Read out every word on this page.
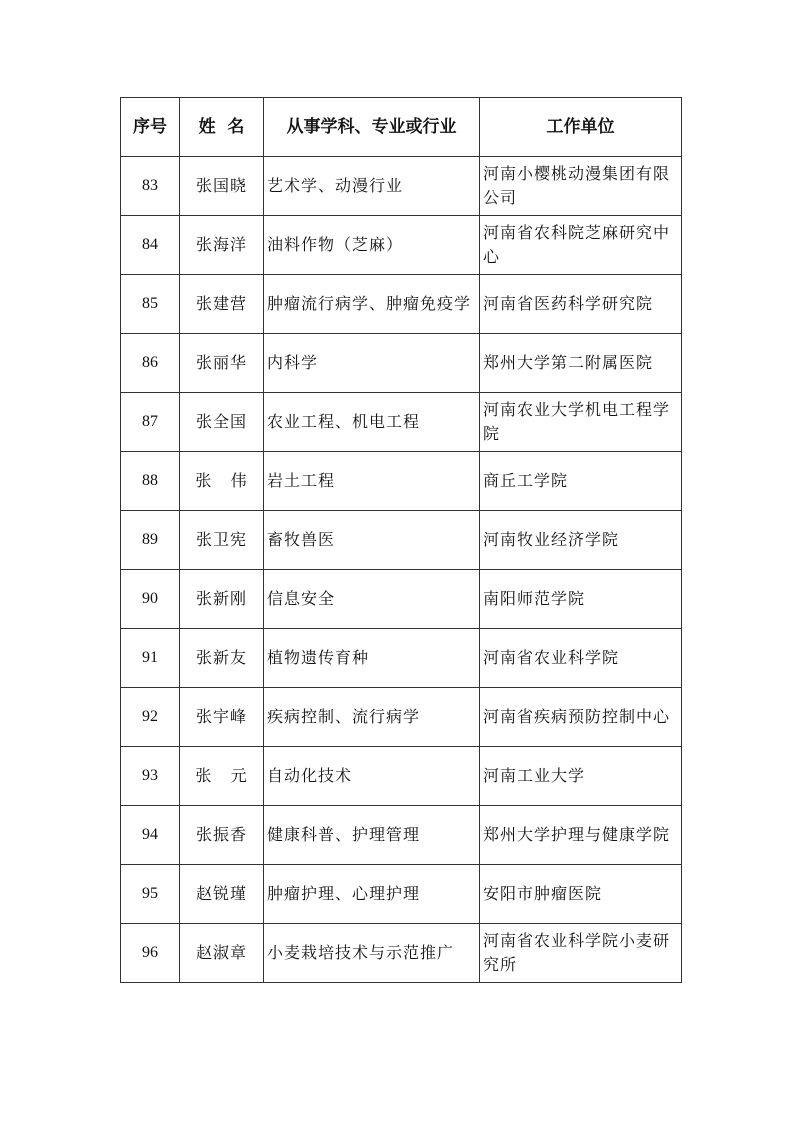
序号	姓  名	从事学科、专业或行业	工作单位
83	张国晓	艺术学、动漫行业	河南小樱桃动漫集团有限公司
84	张海洋	油料作物（芝麻）	河南省农科院芝麻研究中心
85	张建营	肿瘤流行病学、肿瘤免疫学	河南省医药科学研究院
86	张丽华	内科学	郑州大学第二附属医院
87	张全国	农业工程、机电工程	河南农业大学机电工程学院
88	张   伟	岩土工程	商丘工学院
89	张卫宪	畜牧兽医	河南牧业经济学院
90	张新刚	信息安全	南阳师范学院
91	张新友	植物遗传育种	河南省农业科学院
92	张宇峰	疾病控制、流行病学	河南省疾病预防控制中心
93	张   元	自动化技术	河南工业大学
94	张振香	健康科普、护理管理	郑州大学护理与健康学院
95	赵锐瑾	肿瘤护理、心理护理	安阳市肿瘤医院
96	赵淑章	小麦栽培技术与示范推广	河南省农业科学院小麦研究所
